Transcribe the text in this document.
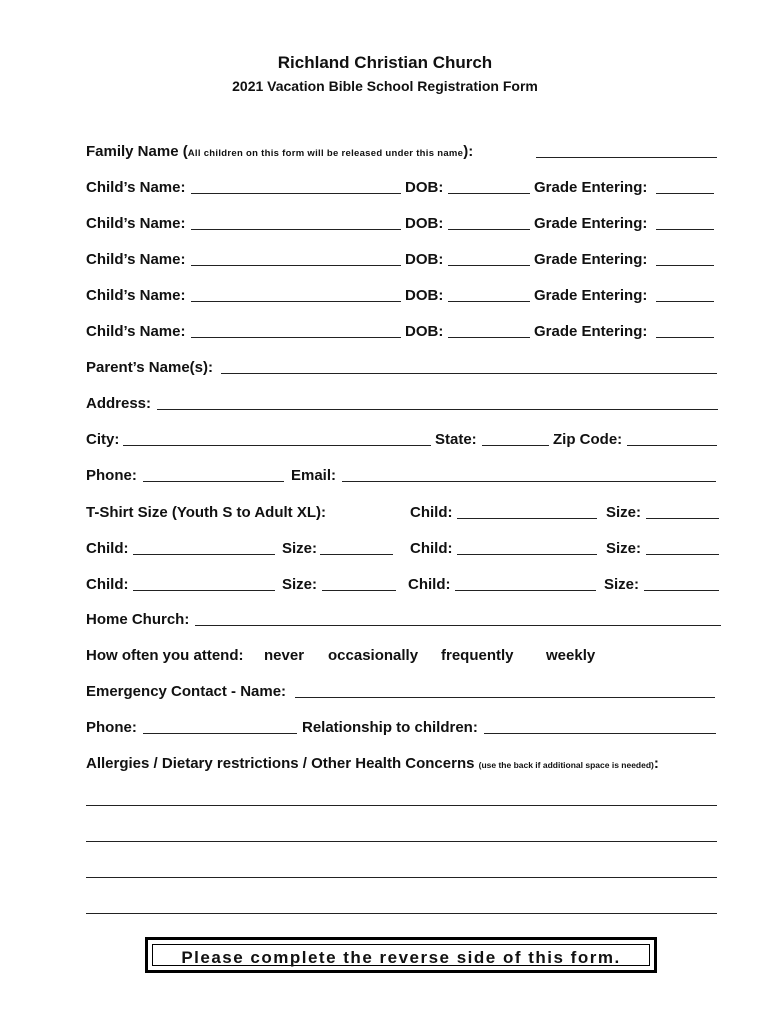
Richland Christian Church
2021 Vacation Bible School Registration Form
Family Name (All children on this form will be released under this name):
Child’s Name:	DOB:	Grade Entering:
Child’s Name:	DOB:	Grade Entering:
Child’s Name:	DOB:	Grade Entering:
Child’s Name:	DOB:	Grade Entering:
Child’s Name:	DOB:	Grade Entering:
Parent’s Name(s):
Address:
City:	State:	Zip Code:
Phone:	Email:
T-Shirt Size (Youth S to Adult XL):	Child:	Size:
Child:	Size:	Child:	Size:
Child:	Size:	Child:	Size:
Home Church:
How often you attend: never occasionally frequently weekly
Emergency Contact - Name:
Phone:	Relationship to children:
Allergies / Dietary restrictions / Other Health Concerns (use the back if additional space is needed):
Please complete the reverse side of this form.
